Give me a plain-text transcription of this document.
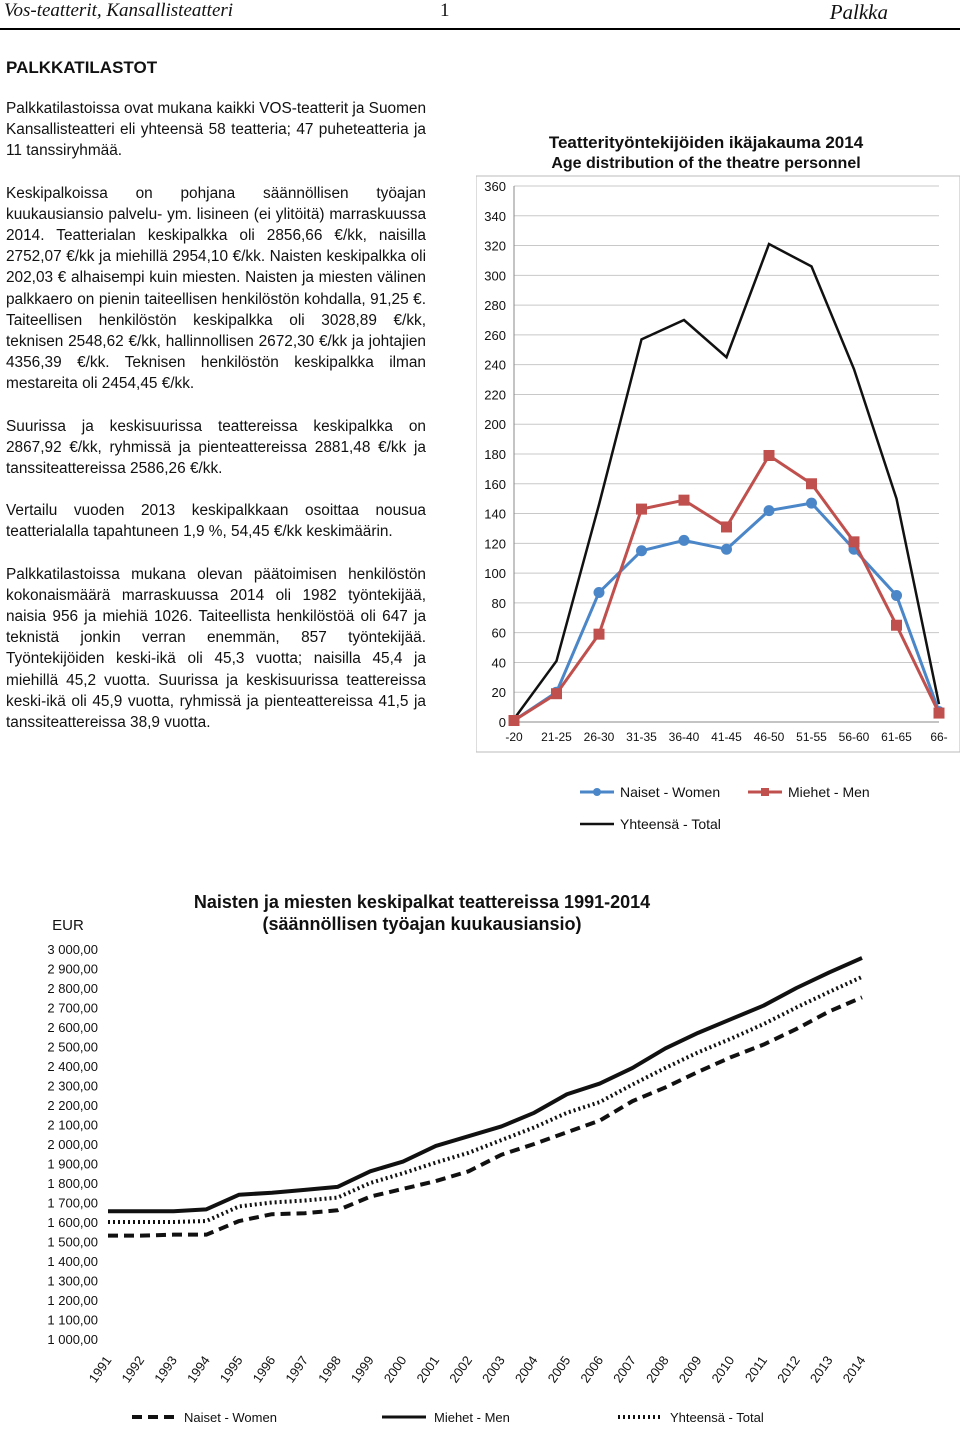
Vos-teatterit, Kansallisteatteri	1	Palkka
PALKKATILASTOT

Palkkatilastoissa ovat mukana kaikki VOS-teatterit ja Suomen Kansallisteatteri eli yhteensä 58 teatteria; 47 puheteatteria ja 11 tanssiryhmää.

Keskipalkoissa on pohjana säännöllisen työajan kuukausiansio palvelu- ym. lisineen (ei ylitöitä) marraskuussa 2014. Teatterialan keskipalkka oli 2856,66 €/kk, naisilla 2752,07 €/kk ja miehillä 2954,10 €/kk. Naisten keskipalkka oli 202,03 € alhaisempi kuin miesten. Naisten ja miesten välinen palkkaero on pienin taiteellisen henkilöstön kohdalla, 91,25 €. Taiteellisen henkilöstön keskipalkka oli 3028,89 €/kk, teknisen 2548,62 €/kk, hallinnollisen 2672,30 €/kk ja johtajien 4356,39 €/kk. Teknisen henkilöstön keskipalkka ilman mestareita oli 2454,45 €/kk.

Suurissa ja keskisuurissa teattereissa keskipalkka on 2867,92 €/kk, ryhmissä ja pienteattereissa 2881,48 €/kk ja tanssiteattereissa 2586,26 €/kk.

Vertailu vuoden 2013 keskipalkkaan osoittaa nousua teatterialalla tapahtuneen 1,9 %, 54,45 €/kk keskimäärin.

Palkkatilastoissa mukana olevan päätoimisen henkilöstön kokonaismäärä marraskuussa 2014 oli 1982 työntekijää, naisia 956 ja miehiä 1026. Taiteellista henkilöstöä oli 647 ja teknistä jonkin verran enemmän, 857 työntekijää. Työntekijöiden keski-ikä oli 45,3 vuotta; naisilla 45,4 ja miehillä 45,2 vuotta. Suurissa ja keskisuurissa teattereissa keski-ikä oli 45,9 vuotta, ryhmissä ja pienteattereissa 41,5 ja tanssiteattereissa 38,9 vuotta.

Teatterityöntekijöiden ikäjakauma 2014
Age distribution of the theatre personnel
0
20
40
60
80
100
120
140
160
180
200
220
240
260
280
300
320
340
360
-20 21-25 26-30 31-35 36-40 41-45 46-50 51-55 56-60 61-65 66-
Naiset - Women	Miehet - Men
Yhteensä - Total
Naisten ja miesten keskipalkat teattereissa 1991-2014
(säännöllisen työajan kuukausiansio)
EUR
1 000,00
1 100,00
1 200,00
1 300,00
1 400,00
1 500,00
1 600,00
1 700,00
1 800,00
1 900,00
2 000,00
2 100,00
2 200,00
2 300,00
2 400,00
2 500,00
2 600,00
2 700,00
2 800,00
2 900,00
3 000,00
1991 1992 1993 1994 1995 1996 1997 1998 1999 2000 2001 2002 2003 2004 2005 2006 2007 2008 2009 2010 2011 2012 2013 2014
Naiset - Women	Miehet - Men	Yhteensä - Total
